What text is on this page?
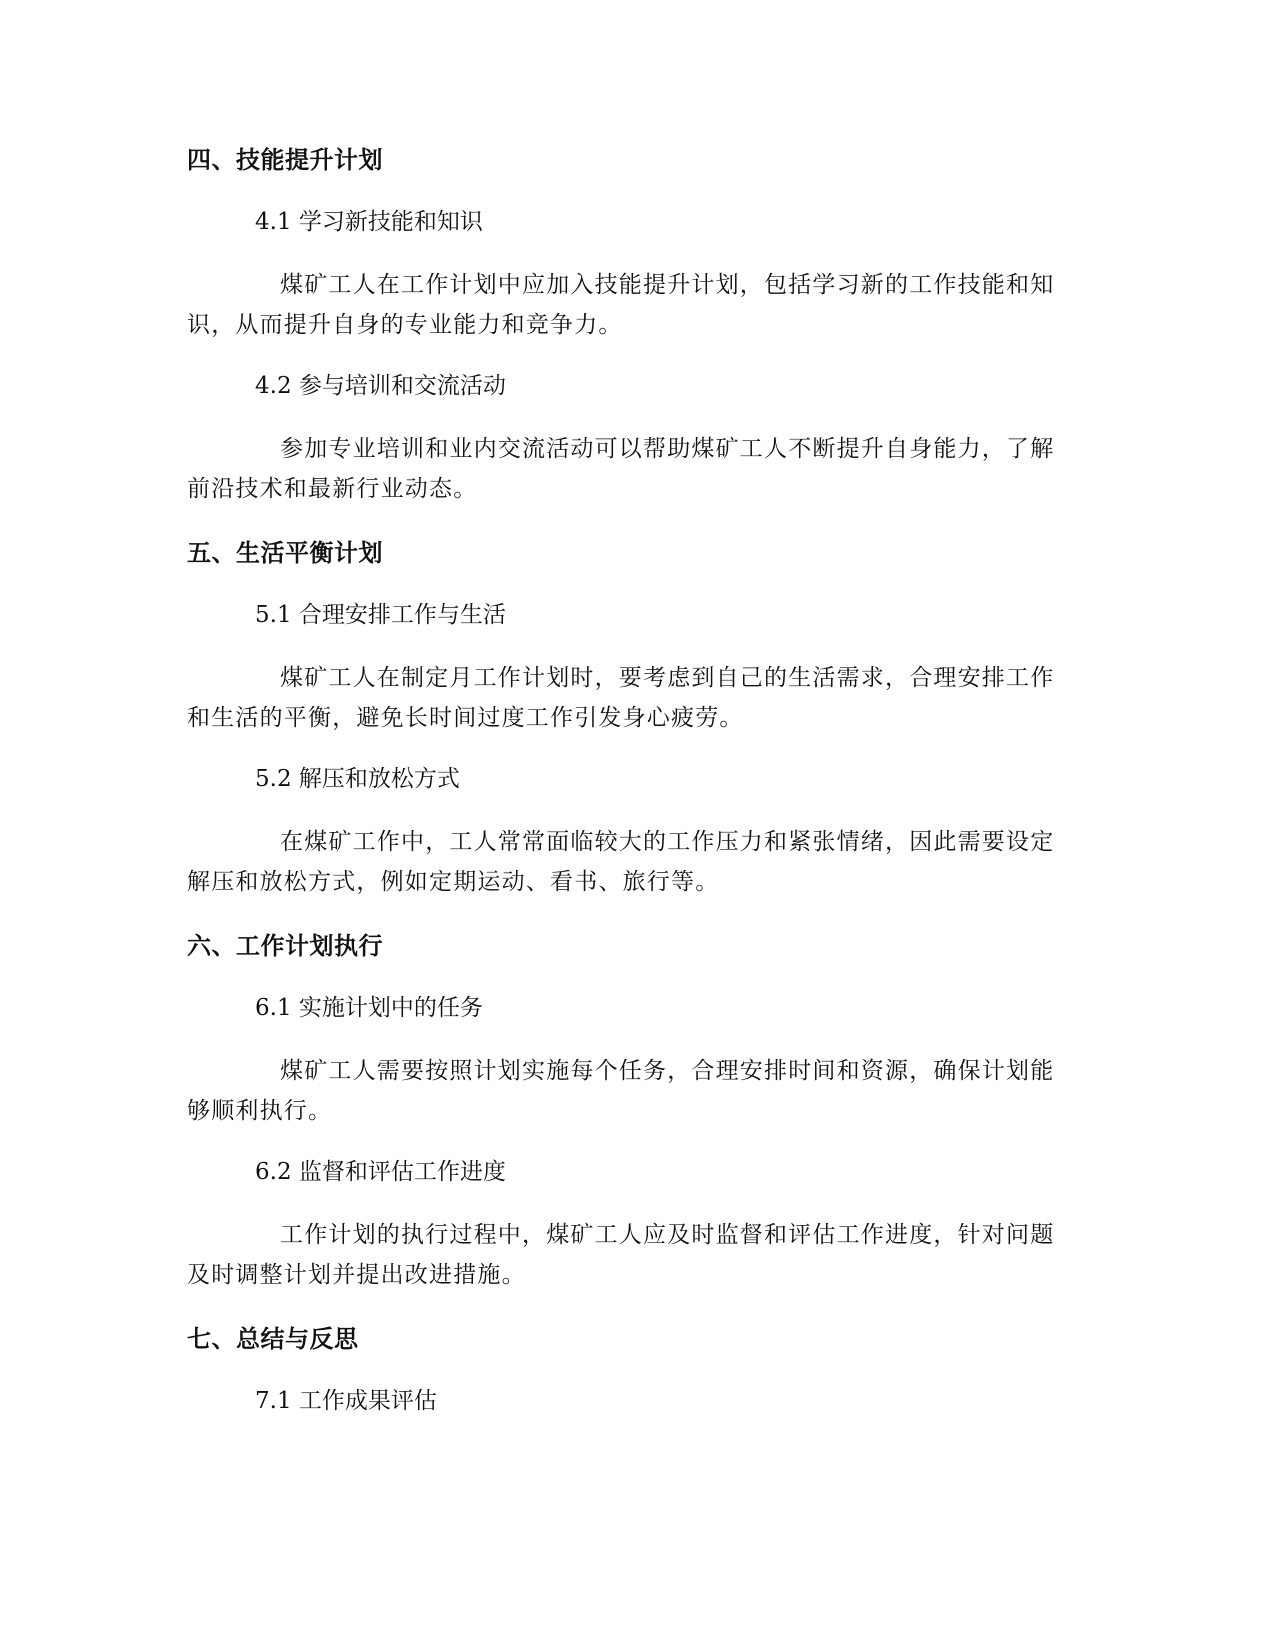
四、技能提升计划
4.1 学习新技能和知识
煤矿工人在工作计划中应加入技能提升计划，包括学习新的工作技能和知
识，从而提升自身的专业能力和竞争力。
4.2 参与培训和交流活动
参加专业培训和业内交流活动可以帮助煤矿工人不断提升自身能力，了解
前沿技术和最新行业动态。
五、生活平衡计划
5.1 合理安排工作与生活
煤矿工人在制定月工作计划时，要考虑到自己的生活需求，合理安排工作
和生活的平衡，避免长时间过度工作引发身心疲劳。
5.2 解压和放松方式
在煤矿工作中，工人常常面临较大的工作压力和紧张情绪，因此需要设定
解压和放松方式，例如定期运动、看书、旅行等。
六、工作计划执行
6.1 实施计划中的任务
煤矿工人需要按照计划实施每个任务，合理安排时间和资源，确保计划能
够顺利执行。
6.2 监督和评估工作进度
工作计划的执行过程中，煤矿工人应及时监督和评估工作进度，针对问题
及时调整计划并提出改进措施。
七、总结与反思
7.1 工作成果评估
